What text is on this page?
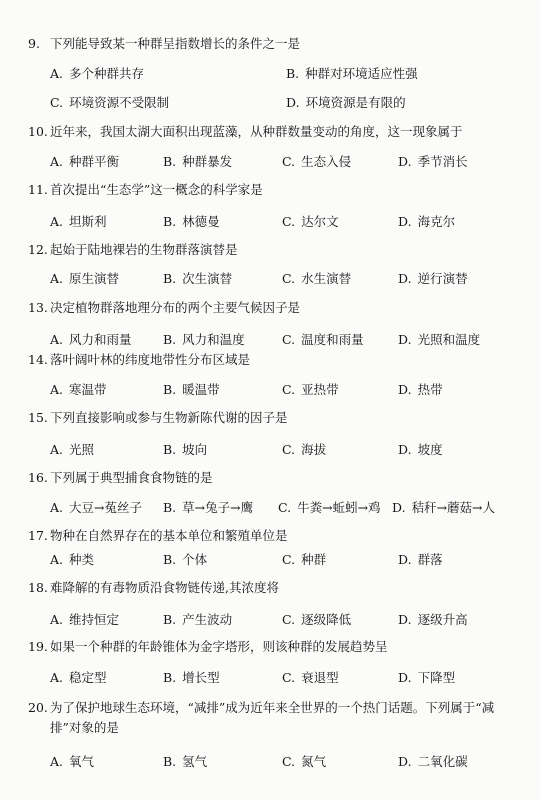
9. 下列能导致某一种群呈指数增长的条件之一是
A. 多个种群共存	B. 种群对环境适应性强
C. 环境资源不受限制	D. 环境资源是有限的
10. 近年来，我国太湖大面积出现蓝藻，从种群数量变动的角度，这一现象属于
A. 种群平衡	B. 种群暴发	C. 生态入侵	D. 季节消长
11. 首次提出“生态学”这一概念的科学家是
A. 坦斯利	B. 林德曼	C. 达尔文	D. 海克尔
12. 起始于陆地裸岩的生物群落演替是
A. 原生演替	B. 次生演替	C. 水生演替	D. 逆行演替
13. 决定植物群落地理分布的两个主要气候因子是
A. 风力和雨量	B. 风力和温度	C. 温度和雨量	D. 光照和温度
14. 落叶阔叶林的纬度地带性分布区域是
A. 寒温带	B. 暖温带	C. 亚热带	D. 热带
15. 下列直接影响或参与生物新陈代谢的因子是
A. 光照	B. 坡向	C. 海拔	D. 坡度
16. 下列属于典型捕食食物链的是
A. 大豆→菟丝子 B. 草→兔子→鹰 C. 牛粪→蚯蚓→鸡 D. 秸秆→蘑菇→人
17. 物种在自然界存在的基本单位和繁殖单位是
A. 种类	B. 个体	C. 种群	D. 群落
18. 难降解的有毒物质沿食物链传递,其浓度将
A. 维持恒定	B. 产生波动	C. 逐级降低	D. 逐级升高
19. 如果一个种群的年龄锥体为金字塔形，则该种群的发展趋势呈
A. 稳定型	B. 增长型	C. 衰退型	D. 下降型
20. 为了保护地球生态环境，“减排”成为近年来全世界的一个热门话题。下列属于“减
排”对象的是
A. 氧气	B. 氢气	C. 氮气	D. 二氧化碳
